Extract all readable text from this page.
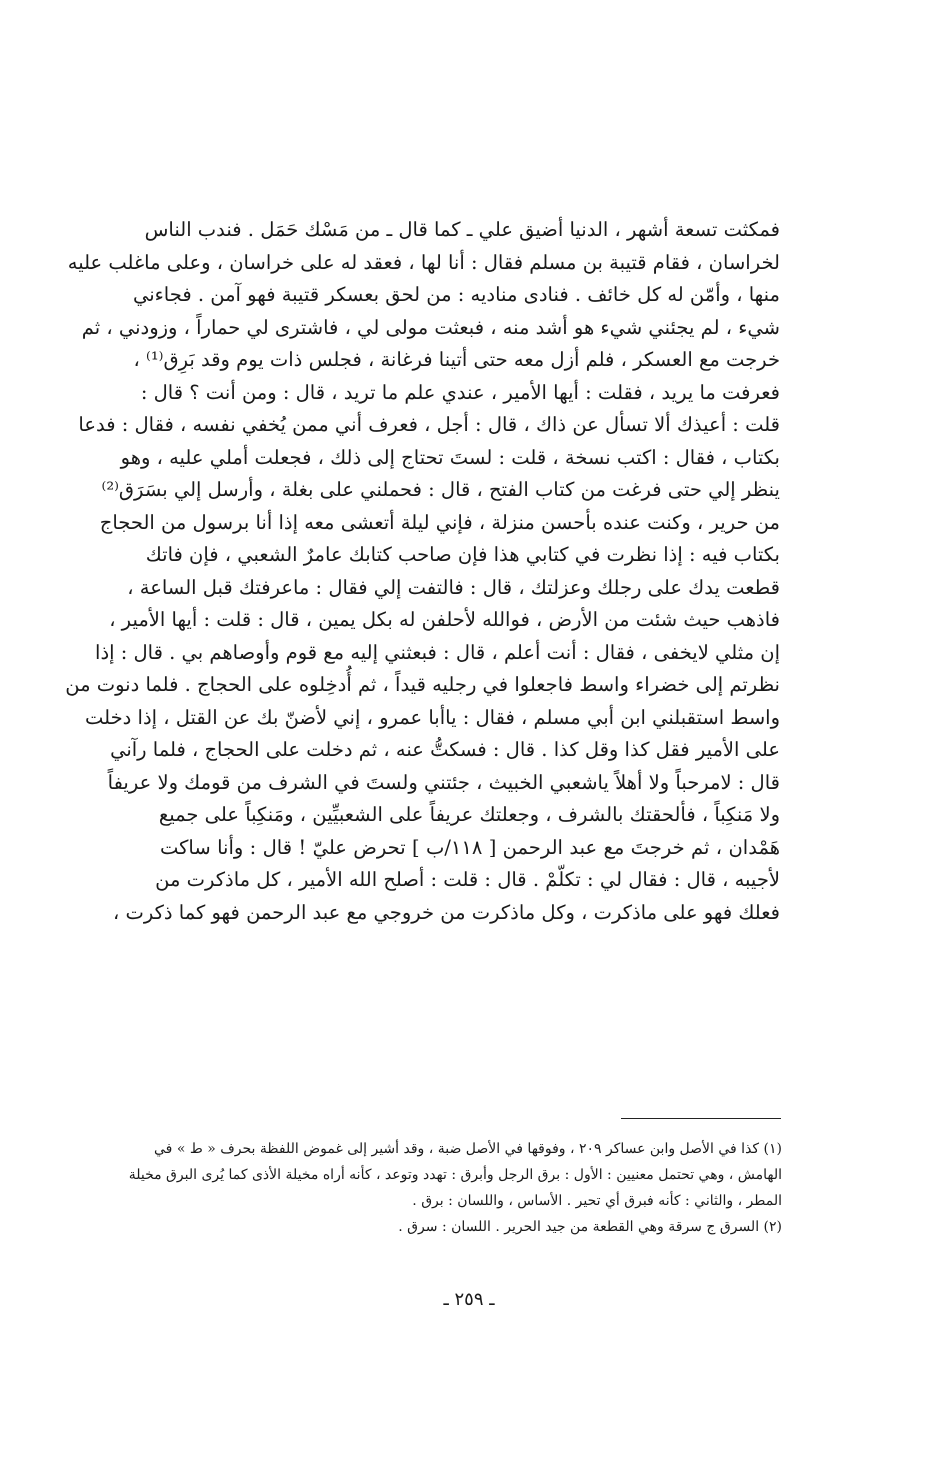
فمكثت تسعة أشهر ، الدنيا أضيق علي ـ كما قال ـ من مَسْك حَمَل . فندب الناس
لخراسان ، فقام قتيبة بن مسلم فقال : أنا لها ، فعقد له على خراسان ، وعلى ماغلب عليه
منها ، وأمّن له كل خائف . فنادى مناديه : من لحق بعسكر قتيبة فهو آمن . فجاءني
شيء ، لم يجئني شيء هو أشد منه ، فبعثت مولى لي ، فاشترى لي حماراً ، وزودني ، ثم
خرجت مع العسكر ، فلم أزل معه حتى أتينا فرغانة ، فجلس ذات يوم وقد بَرِق⁽¹⁾ ،
فعرفت ما يريد ، فقلت : أيها الأمير ، عندي علم ما تريد ، قال : ومن أنت ؟ قال :
قلت : أعيذك ألا تسأل عن ذاك ، قال : أجل ، فعرف أني ممن يُخفي نفسه ، فقال : فدعا
بكتاب ، فقال : اكتب نسخة ، قلت : لستَ تحتاج إلى ذلك ، فجعلت أملي عليه ، وهو
ينظر إلي حتى فرغت من كتاب الفتح ، قال : فحملني على بغلة ، وأرسل إلي بسَرَق⁽²⁾
من حرير ، وكنت عنده بأحسن منزلة ، فإني ليلة أتعشى معه إذا أنا برسول من الحجاج
بكتاب فيه : إذا نظرت في كتابي هذا فإن صاحب كتابك عامرٌ الشعبي ، فإن فاتك
قطعت يدك على رجلك وعزلتك ، قال : فالتفت إلي فقال : ماعرفتك قبل الساعة ،
فاذهب حيث شئت من الأرض ، فوالله لأحلفن له بكل يمين ، قال : قلت : أيها الأمير ،
إن مثلي لايخفى ، فقال : أنت أعلم ، قال : فبعثني إليه مع قوم وأوصاهم بي . قال : إذا
نظرتم إلى خضراء واسط فاجعلوا في رجليه قيداً ، ثم أُدخِلوه على الحجاج . فلما دنوت من
واسط استقبلني ابن أبي مسلم ، فقال : ياأبا عمرو ، إني لأضنّ بك عن القتل ، إذا دخلت
على الأمير فقل كذا وقل كذا . قال : فسكتُّ عنه ، ثم دخلت على الحجاج ، فلما رآني
قال : لامرحباً ولا أهلاً ياشعبي الخبيث ، جئتني ولستَ في الشرف من قومك ولا عريفاً
ولا مَنكِباً ، فألحقتك بالشرف ، وجعلتك عريفاً على الشعبيِّين ، ومَنكِباً على جميع
هَمْدان ، ثم خرجتَ مع عبد الرحمن [ ١١٨/ب ] تحرض عليّ ! قال : وأنا ساكت
لأجيبه ، قال : فقال لي : تكلّمْ . قال : قلت : أصلح الله الأمير ، كل ماذكرت من
فعلك فهو على ماذكرت ، وكل ماذكرت من خروجي مع عبد الرحمن فهو كما ذكرت ،
(١) كذا في الأصل وابن عساكر ٢٠٩ ، وفوقها في الأصل ضبة ، وقد أشير إلى غموض اللفظة بحرف « ط » في
الهامش ، وهي تحتمل معنيين : الأول : برق الرجل وأبرق : تهدد وتوعد ، كأنه أراه مخيلة الأذى كما يُرى البرق مخيلة
المطر ، والثاني : كأنه فبرق أي تحير . الأساس ، واللسان : برق .
(٢) السرق ج سرقة وهي القطعة من جيد الحرير . اللسان : سرق .
ـ ٢٥٩ ـ
